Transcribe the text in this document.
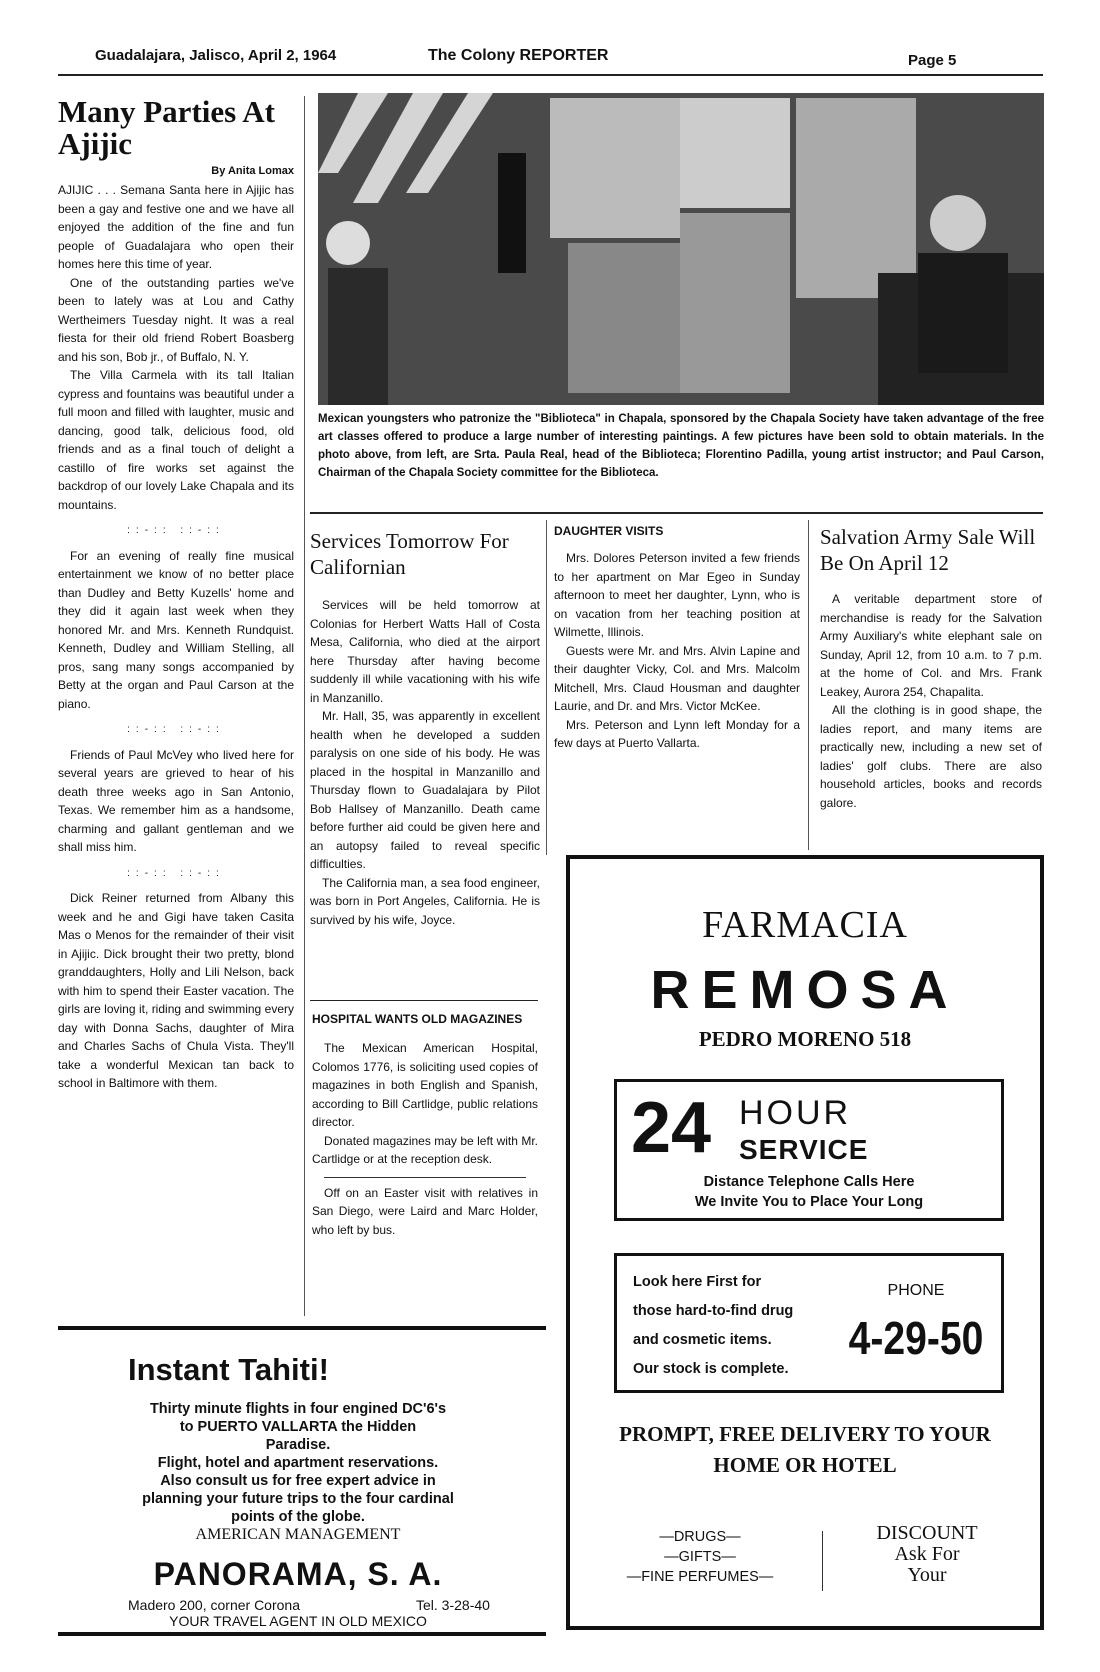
Guadalajara, Jalisco, April 2, 1964	The Colony REPORTER	Page 5
Many Parties At Ajijic
By Anita Lomax

AJIJIC . . . Semana Santa here in Ajijic has been a gay and festive one and we have all enjoyed the addition of the fine and fun people of Guadalajara who open their homes here this time of year.

One of the outstanding parties we've been to lately was at Lou and Cathy Wertheimers Tuesday night. It was a real fiesta for their old friend Robert Boasberg and his son, Bob jr., of Buffalo, N. Y.

The Villa Carmela with its tall Italian cypress and fountains was beautiful under a full moon and filled with laughter, music and dancing, good talk, delicious food, old friends and as a final touch of delight a castillo of fire works set against the backdrop of our lovely Lake Chapala and its mountains.

::-:: ::-::

For an evening of really fine musical entertainment we know of no better place than Dudley and Betty Kuzells' home and they did it again last week when they honored Mr. and Mrs. Kenneth Rundquist. Kenneth, Dudley and William Stelling, all pros, sang many songs accompanied by Betty at the organ and Paul Carson at the piano.

::-:: ::-::

Friends of Paul McVey who lived here for several years are grieved to hear of his death three weeks ago in San Antonio, Texas. We remember him as a handsome, charming and gallant gentleman and we shall miss him.

::-:: ::-::

Dick Reiner returned from Albany this week and he and Gigi have taken Casita Mas o Menos for the remainder of their visit in Ajijic. Dick brought their two pretty, blond granddaughters, Holly and Lili Nelson, back with him to spend their Easter vacation. The girls are loving it, riding and swimming every day with Donna Sachs, daughter of Mira and Charles Sachs of Chula Vista. They'll take a wonderful Mexican tan back to school in Baltimore with them.

Mexican youngsters who patronize the "Biblioteca" in Chapala, sponsored by the Chapala Society have taken advantage of the free art classes offered to produce a large number of interesting paintings. A few pictures have been sold to obtain materials. In the photo above, from left, are Srta. Paula Real, head of the Biblioteca; Florentino Padilla, young artist instructor; and Paul Carson, Chairman of the Chapala Society committee for the Biblioteca.
Services Tomorrow For Californian

Services will be held tomorrow at Colonias for Herbert Watts Hall of Costa Mesa, California, who died at the airport here Thursday after having become suddenly ill while vacationing with his wife in Manzanillo.

Mr. Hall, 35, was apparently in excellent health when he developed a sudden paralysis on one side of his body. He was placed in the hospital in Manzanillo and Thursday flown to Guadalajara by Pilot Bob Hallsey of Manzanillo. Death came before further aid could be given here and an autopsy failed to reveal specific difficulties.

The California man, a sea food engineer, was born in Port Angeles, California. He is survived by his wife, Joyce.

HOSPITAL WANTS OLD MAGAZINES

The Mexican American Hospital, Colomos 1776, is soliciting used copies of magazines in both English and Spanish, according to Bill Cartlidge, public relations director.

Donated magazines may be left with Mr. Cartlidge or at the reception desk.

Off on an Easter visit with relatives in San Diego, were Laird and Marc Holder, who left by bus.

DAUGHTER VISITS

Mrs. Dolores Peterson invited a few friends to her apartment on Mar Egeo in Sunday afternoon to meet her daughter, Lynn, who is on vacation from her teaching position at Wilmette, Illinois.

Guests were Mr. and Mrs. Alvin Lapine and their daughter Vicky, Col. and Mrs. Malcolm Mitchell, Mrs. Claud Housman and daughter Laurie, and Dr. and Mrs. Victor McKee.

Mrs. Peterson and Lynn left Monday for a few days at Puerto Vallarta.

Salvation Army Sale Will Be On April 12

A veritable department store of merchandise is ready for the Salvation Army Auxiliary's white elephant sale on Sunday, April 12, from 10 a.m. to 7 p.m. at the home of Col. and Mrs. Frank Leakey, Aurora 254, Chapalita.

All the clothing is in good shape, the ladies report, and many items are practically new, including a new set of ladies' golf clubs. There are also household articles, books and records galore.

Instant Tahiti!
Thirty minute flights in four engined DC'6's
to PUERTO VALLARTA the Hidden
Paradise.
Flight, hotel and apartment reservations.
Also consult us for free expert advice in
planning your future trips to the four cardinal
points of the globe.
AMERICAN MANAGEMENT
PANORAMA, S. A.
Madero 200, corner Corona	Tel. 3-28-40
YOUR TRAVEL AGENT IN OLD MEXICO
FARMACIA
REMOSA
PEDRO MORENO 518
24 HOUR
SERVICE
Distance Telephone Calls Here
We Invite You to Place Your Long
Look here First for
those hard-to-find drug
and cosmetic items.
Our stock is complete.
PHONE
4-29-50
PROMPT, FREE DELIVERY TO YOUR HOME OR HOTEL
—DRUGS—
—GIFTS—
—FINE PERFUMES—
DISCOUNT
Ask For
Your
